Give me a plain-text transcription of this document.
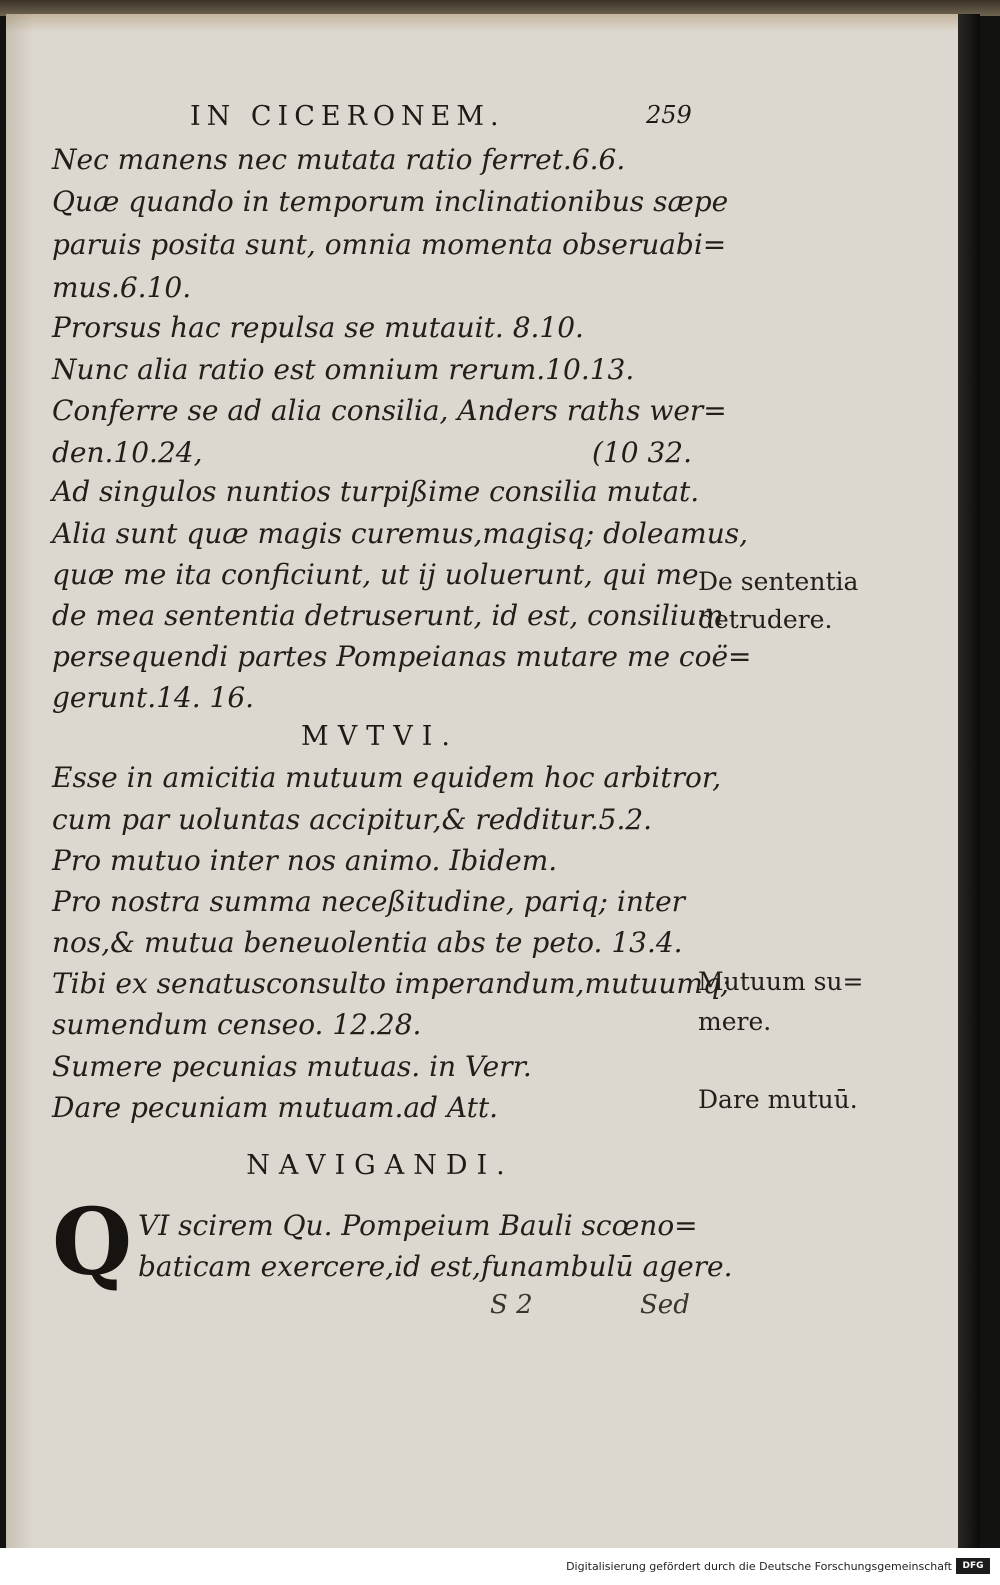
IN CICERONEM.	259
Nec manens nec mutata ratio ferret.6.6.
Quæ quando in temporum inclinationibus sæpe
paruis posita sunt, omnia momenta obseruabi=
mus.6.10.
Prorsus hac repulsa se mutauit. 8.10.
Nunc alia ratio est omnium rerum.10.13.
Conferre se ad alia consilia, Anders raths wer=
den.10.24,	(10 32.
Ad singulos nuntios turpißime consilia mutat.
Alia sunt quæ magis curemus,magisq; doleamus,
quæ me ita conficiunt, ut ij uoluerunt, qui me
de mea sententia detruserunt, id est, consilium
persequendi partes Pompeianas mutare me coë=
gerunt.14. 16.
MVTVI.
Esse in amicitia mutuum equidem hoc arbitror,
cum par uoluntas accipitur,& redditur.5.2.
Pro mutuo inter nos animo. Ibidem.
Pro nostra summa neceßitudine, pariq; inter
nos,& mutua beneuolentia abs te peto. 13.4.
Tibi ex senatusconsulto imperandum,mutuumq;
sumendum censeo. 12.28.
Sumere pecunias mutuas. in Verr.
Dare pecuniam mutuam.ad Att.
De sententia
detrudere.
Mutuum su=
mere.
Dare mutuū.
NAVIGANDI.
Q VI scirem Qu. Pompeium Bauli scœno=
baticam exercere,id est,funambulū agere.
S 2	Sed
Digitalisierung gefördert durch die Deutsche Forschungsgemeinschaft	DFG
